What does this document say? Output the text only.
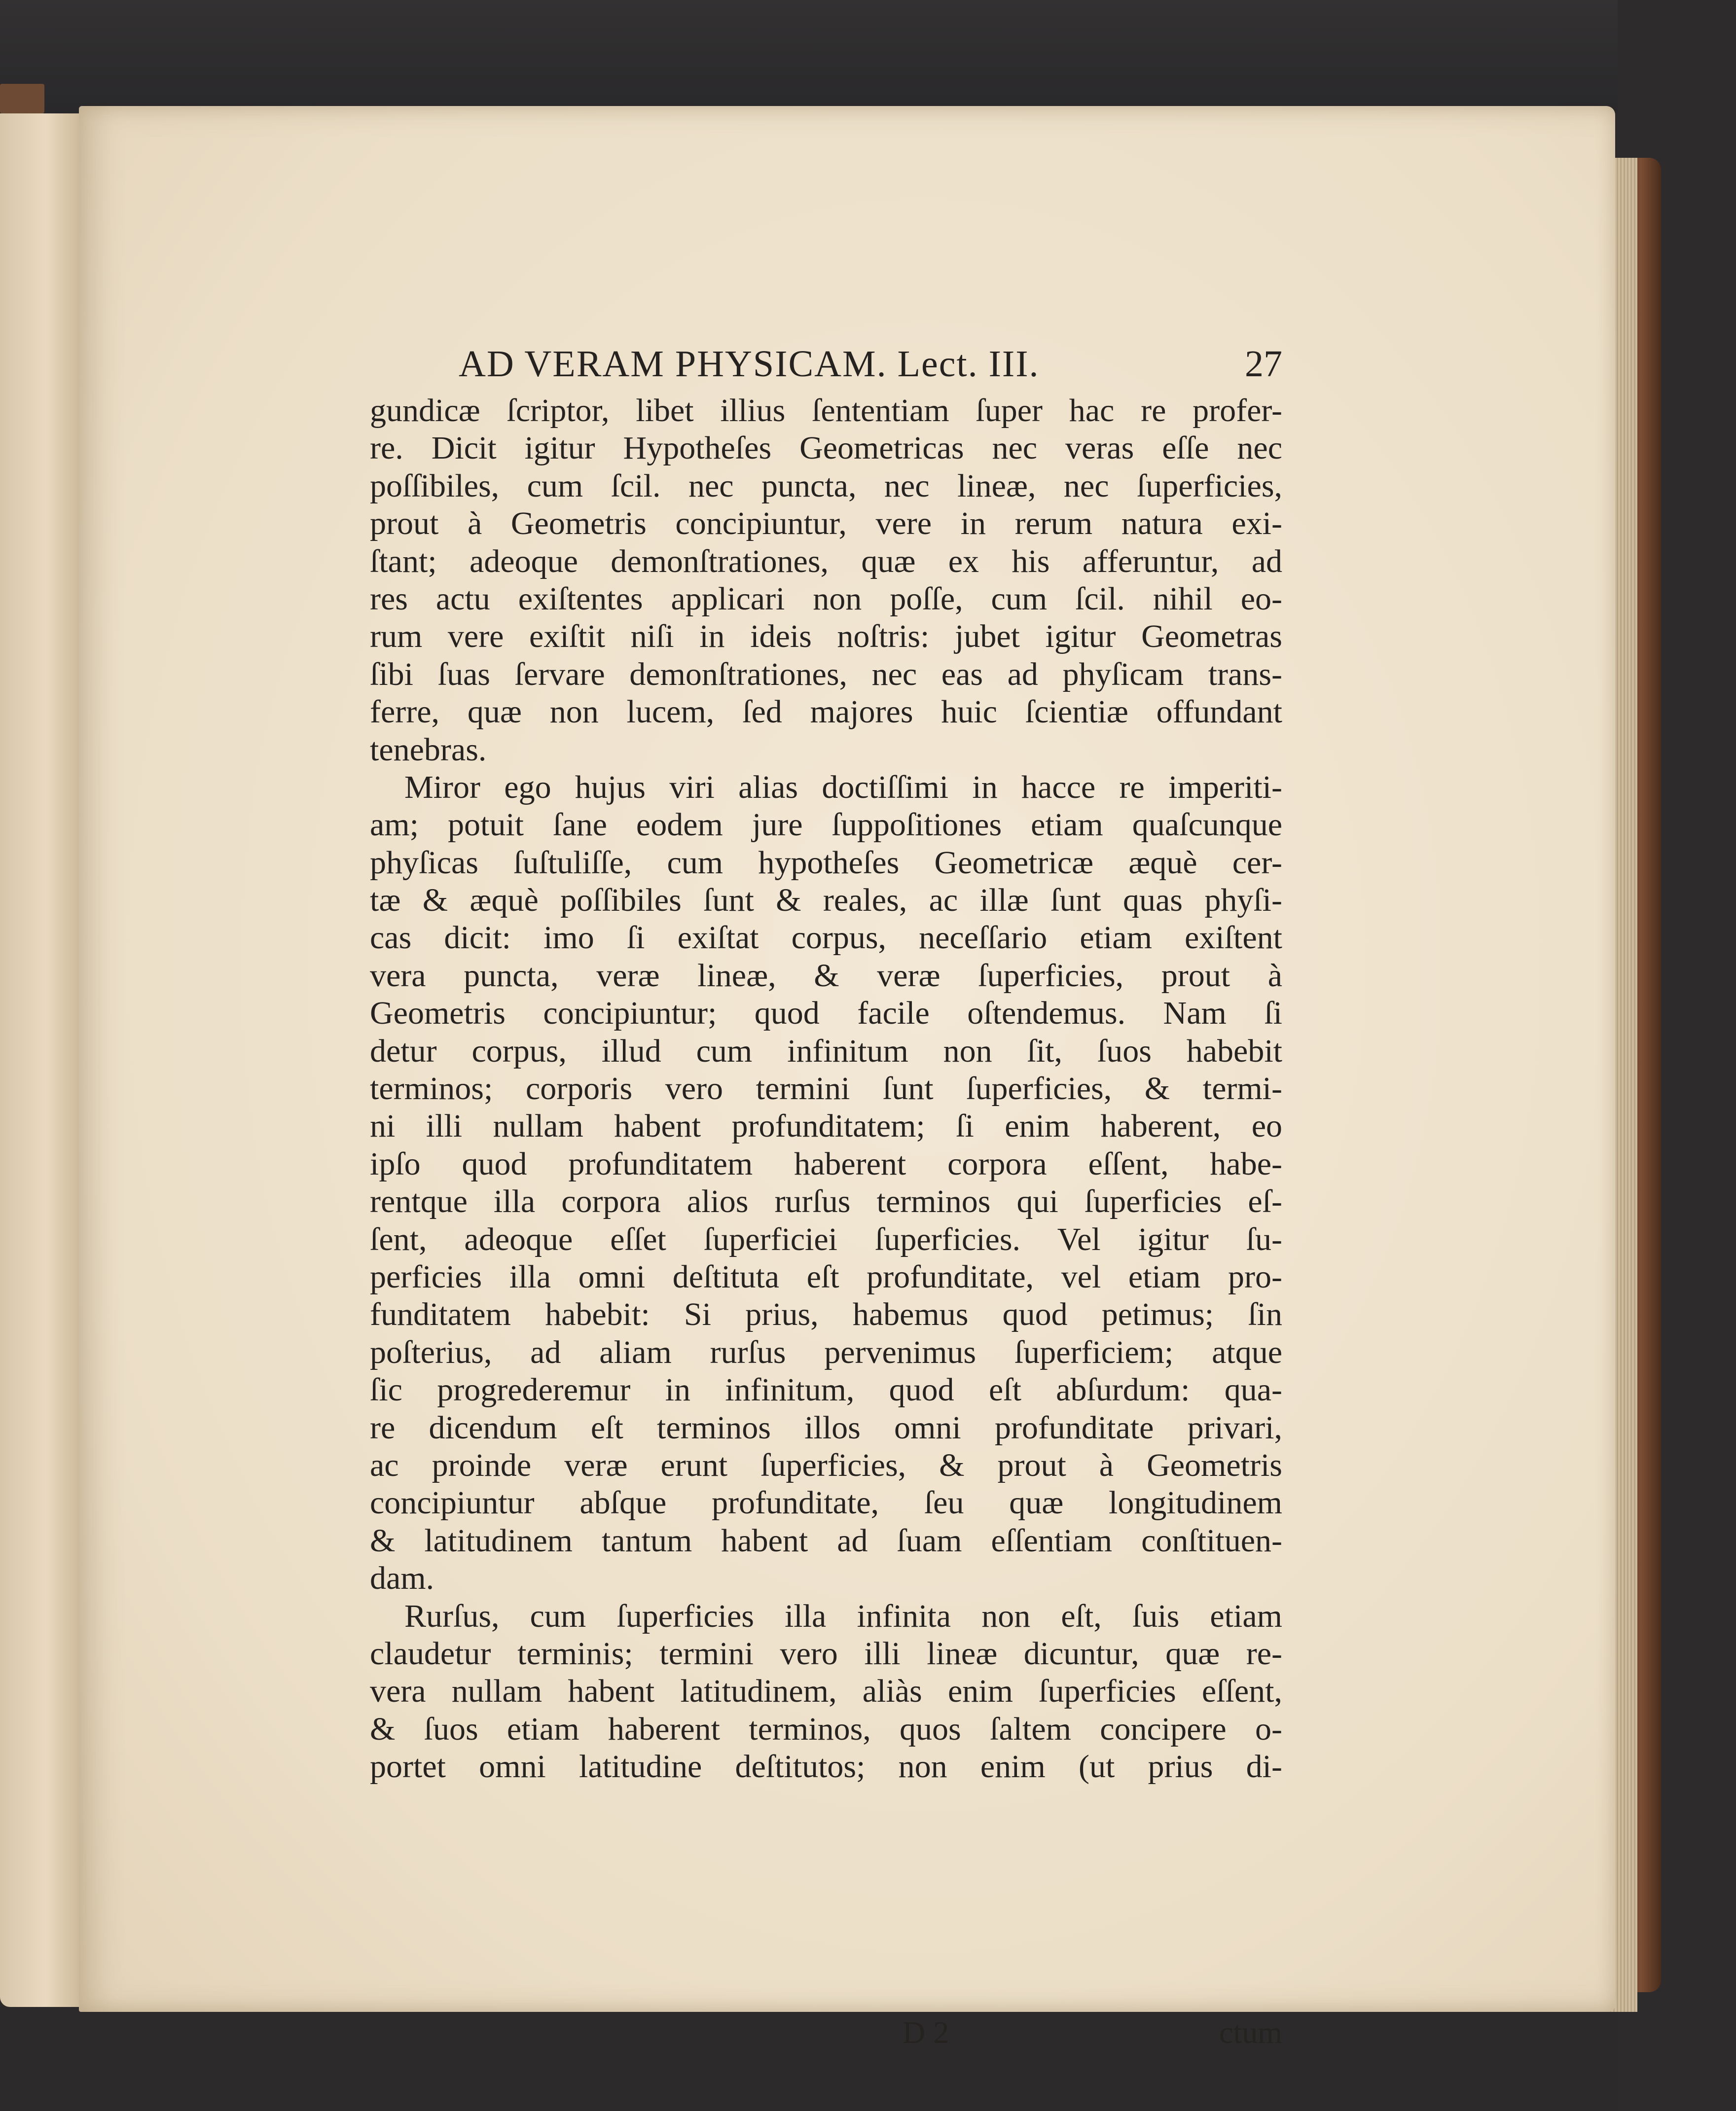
AD VERAM PHYSICAM. Lect. III.	27
gundicæ ſcriptor, libet illius ſententiam ſuper hac re profer-
re. Dicit igitur Hypotheſes Geometricas nec veras eſſe nec
poſſibiles, cum ſcil. nec puncta, nec lineæ, nec ſuperficies,
prout à Geometris concipiuntur, vere in rerum natura exi-
ſtant; adeoque demonſtrationes, quæ ex his afferuntur, ad
res actu exiſtentes applicari non poſſe, cum ſcil. nihil eo-
rum vere exiſtit niſi in ideis noſtris: jubet igitur Geometras
ſibi ſuas ſervare demonſtrationes, nec eas ad phyſicam trans-
ferre, quæ non lucem, ſed majores huic ſcientiæ offundant
tenebras.
Miror ego hujus viri alias doctiſſimi in hacce re imperiti-
am; potuit ſane eodem jure ſuppoſitiones etiam quaſcunque
phyſicas ſuſtuliſſe, cum hypotheſes Geometricæ æquè cer-
tæ & æquè poſſibiles ſunt & reales, ac illæ ſunt quas phyſi-
cas dicit: imo ſi exiſtat corpus, neceſſario etiam exiſtent
vera puncta, veræ lineæ, & veræ ſuperficies, prout à
Geometris concipiuntur; quod facile oſtendemus. Nam ſi
detur corpus, illud cum infinitum non ſit, ſuos habebit
terminos; corporis vero termini ſunt ſuperficies, & termi-
ni illi nullam habent profunditatem; ſi enim haberent, eo
ipſo quod profunditatem haberent corpora eſſent, habe-
rentque illa corpora alios rurſus terminos qui ſuperficies eſ-
ſent, adeoque eſſet ſuperficiei ſuperficies. Vel igitur ſu-
perficies illa omni deſtituta eſt profunditate, vel etiam pro-
funditatem habebit: Si prius, habemus quod petimus; ſin
poſterius, ad aliam rurſus pervenimus ſuperficiem; atque
ſic progrederemur in infinitum, quod eſt abſurdum: qua-
re dicendum eſt terminos illos omni profunditate privari,
ac proinde veræ erunt ſuperficies, & prout à Geometris
concipiuntur abſque profunditate, ſeu quæ longitudinem
& latitudinem tantum habent ad ſuam eſſentiam conſtituen-
dam.
Rurſus, cum ſuperficies illa infinita non eſt, ſuis etiam
claudetur terminis; termini vero illi lineæ dicuntur, quæ re-
vera nullam habent latitudinem, aliàs enim ſuperficies eſſent,
& ſuos etiam haberent terminos, quos ſaltem concipere o-
portet omni latitudine deſtitutos; non enim (ut prius di-
D 2	ctum
